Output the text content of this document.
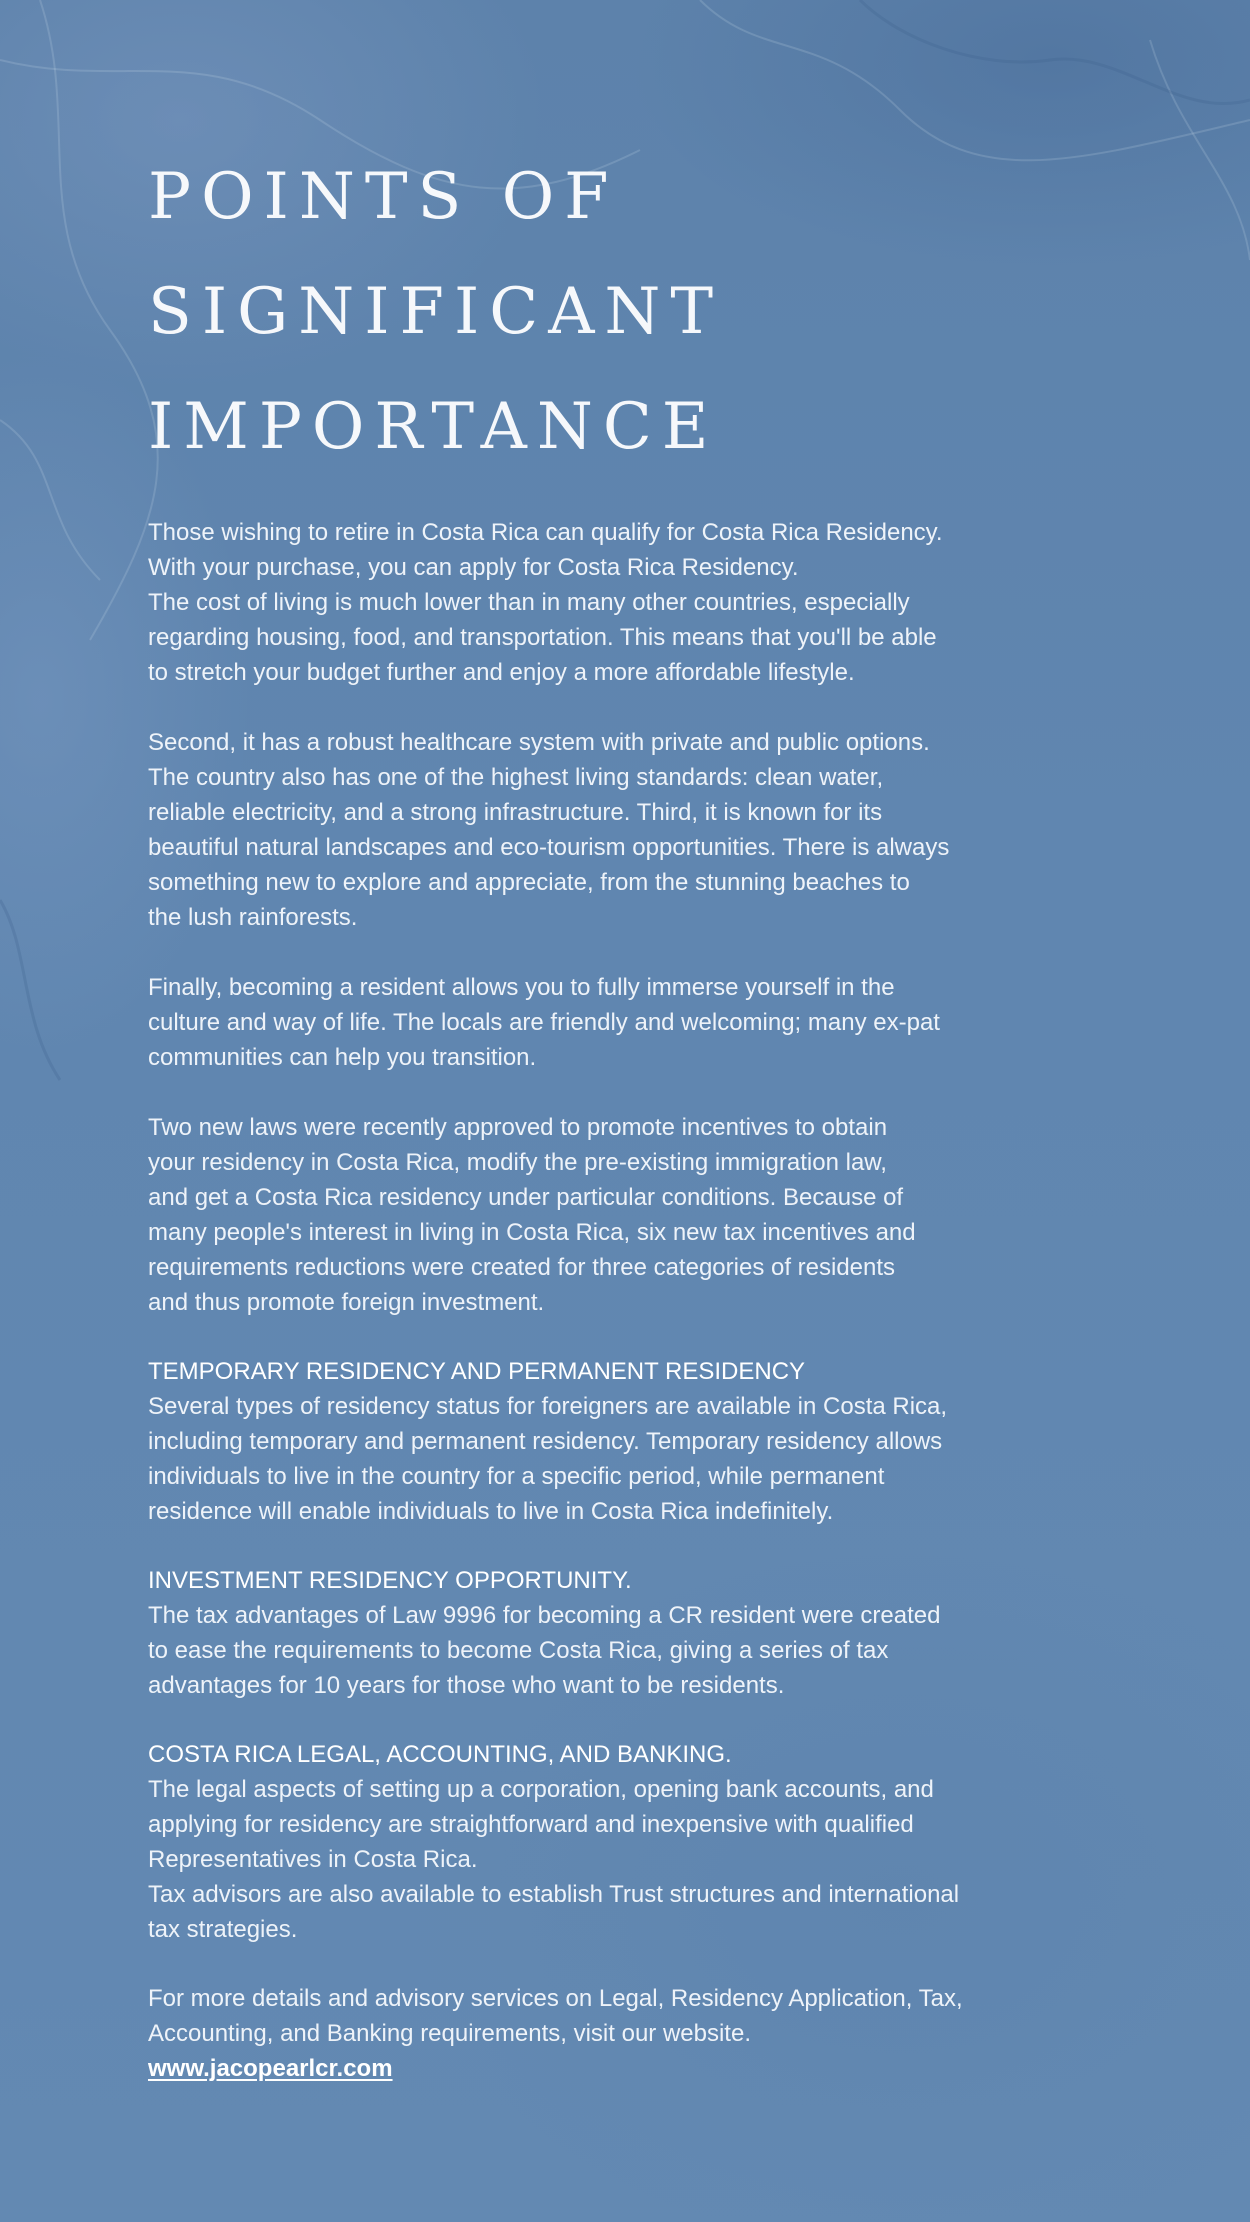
POINTS OF
SIGNIFICANT
IMPORTANCE

Those wishing to retire in Costa Rica can qualify for Costa Rica Residency.
With your purchase, you can apply for Costa Rica Residency.
The cost of living is much lower than in many other countries, especially
regarding housing, food, and transportation. This means that you'll be able
to stretch your budget further and enjoy a more affordable lifestyle.

Second, it has a robust healthcare system with private and public options.
The country also has one of the highest living standards: clean water,
reliable electricity, and a strong infrastructure. Third, it is known for its
beautiful natural landscapes and eco-tourism opportunities. There is always
something new to explore and appreciate, from the stunning beaches to
the lush rainforests.

Finally, becoming a resident allows you to fully immerse yourself in the
culture and way of life. The locals are friendly and welcoming; many ex-pat
communities can help you transition.

Two new laws were recently approved to promote incentives to obtain
your residency in Costa Rica, modify the pre-existing immigration law,
and get a Costa Rica residency under particular conditions. Because of
many people's interest in living in Costa Rica, six new tax incentives and
requirements reductions were created for three categories of residents
and thus promote foreign investment.

TEMPORARY RESIDENCY AND PERMANENT RESIDENCY

Several types of residency status for foreigners are available in Costa Rica,
including temporary and permanent residency. Temporary residency allows
individuals to live in the country for a specific period, while permanent
residence will enable individuals to live in Costa Rica indefinitely.

INVESTMENT RESIDENCY OPPORTUNITY.

The tax advantages of Law 9996 for becoming a CR resident were created
to ease the requirements to become Costa Rica, giving a series of tax
advantages for 10 years for those who want to be residents.

COSTA RICA LEGAL, ACCOUNTING, AND BANKING.

The legal aspects of setting up a corporation, opening bank accounts, and
applying for residency are straightforward and inexpensive with qualified
Representatives in Costa Rica.
Tax advisors are also available to establish Trust structures and international
tax strategies.

For more details and advisory services on Legal, Residency Application, Tax,
Accounting, and Banking requirements, visit our website.
www.jacopearlcr.com
